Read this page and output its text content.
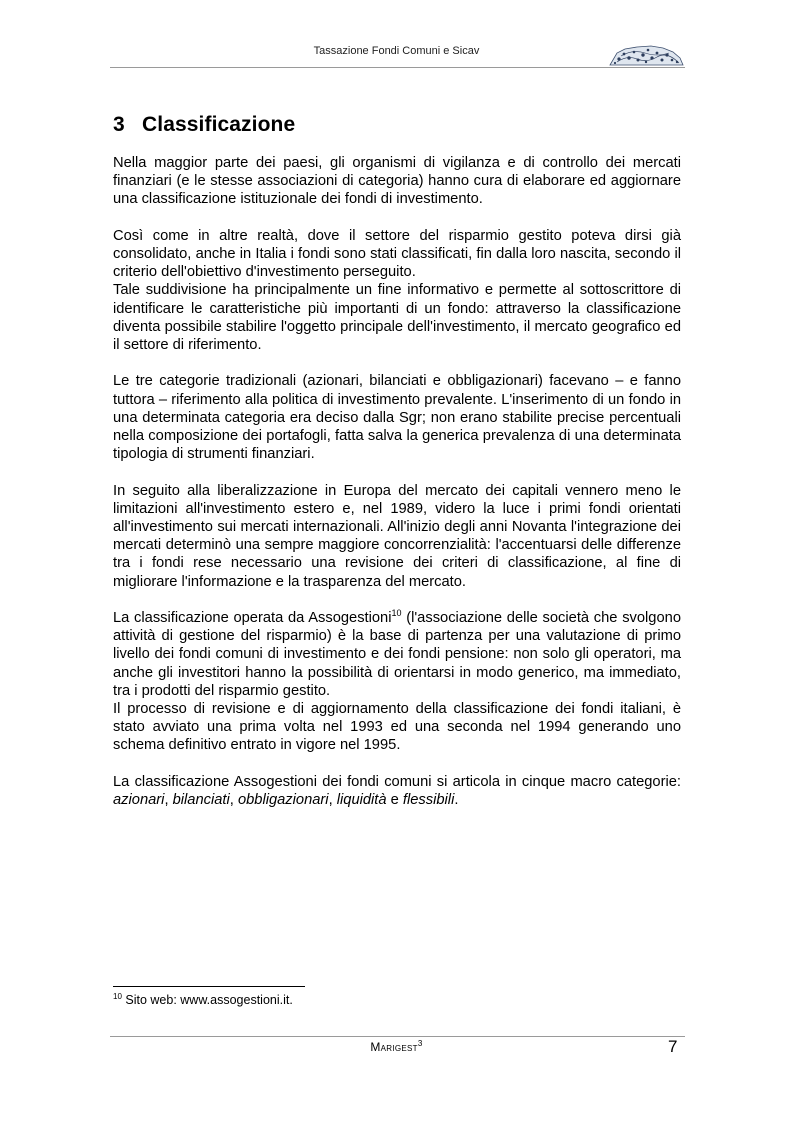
Tassazione Fondi Comuni e Sicav
3 Classificazione

Nella maggior parte dei paesi, gli organismi di vigilanza e di controllo dei mercati finanziari (e le stesse associazioni di categoria) hanno cura di elaborare ed aggiornare una classificazione istituzionale dei fondi di investimento.

Così come in altre realtà, dove il settore del risparmio gestito poteva dirsi già consolidato, anche in Italia i fondi sono stati classificati, fin dalla loro nascita, secondo il criterio dell'obiettivo d'investimento perseguito.

Tale suddivisione ha principalmente un fine informativo e permette al sottoscrittore di identificare le caratteristiche più importanti di un fondo: attraverso la classificazione diventa possibile stabilire l'oggetto principale dell'investimento, il mercato geografico ed il settore di riferimento.

Le tre categorie tradizionali (azionari, bilanciati e obbligazionari) facevano – e fanno tuttora – riferimento alla politica di investimento prevalente. L'inserimento di un fondo in una determinata categoria era deciso dalla Sgr; non erano stabilite precise percentuali nella composizione dei portafogli, fatta salva la generica prevalenza di una determinata tipologia di strumenti finanziari.

In seguito alla liberalizzazione in Europa del mercato dei capitali vennero meno le limitazioni all'investimento estero e, nel 1989, videro la luce i primi fondi orientati all'investimento sui mercati internazionali. All'inizio degli anni Novanta l'integrazione dei mercati determinò una sempre maggiore concorrenzialità: l'accentuarsi delle differenze tra i fondi rese necessario una revisione dei criteri di classificazione, al fine di migliorare l'informazione e la trasparenza del mercato.

La classificazione operata da Assogestioni$^{10}$ (l'associazione delle società che svolgono attività di gestione del risparmio) è la base di partenza per una valutazione di primo livello dei fondi comuni di investimento e dei fondi pensione: non solo gli operatori, ma anche gli investitori hanno la possibilità di orientarsi in modo generico, ma immediato, tra i prodotti del risparmio gestito.

Il processo di revisione e di aggiornamento della classificazione dei fondi italiani, è stato avviato una prima volta nel 1993 ed una seconda nel 1994 generando uno schema definitivo entrato in vigore nel 1995.

La classificazione Assogestioni dei fondi comuni si articola in cinque macro categorie: azionari, bilanciati, obbligazionari, liquidità e flessibili.

$^{10}$ Sito web: www.assogestioni.it.
Marigest$^3$	7
